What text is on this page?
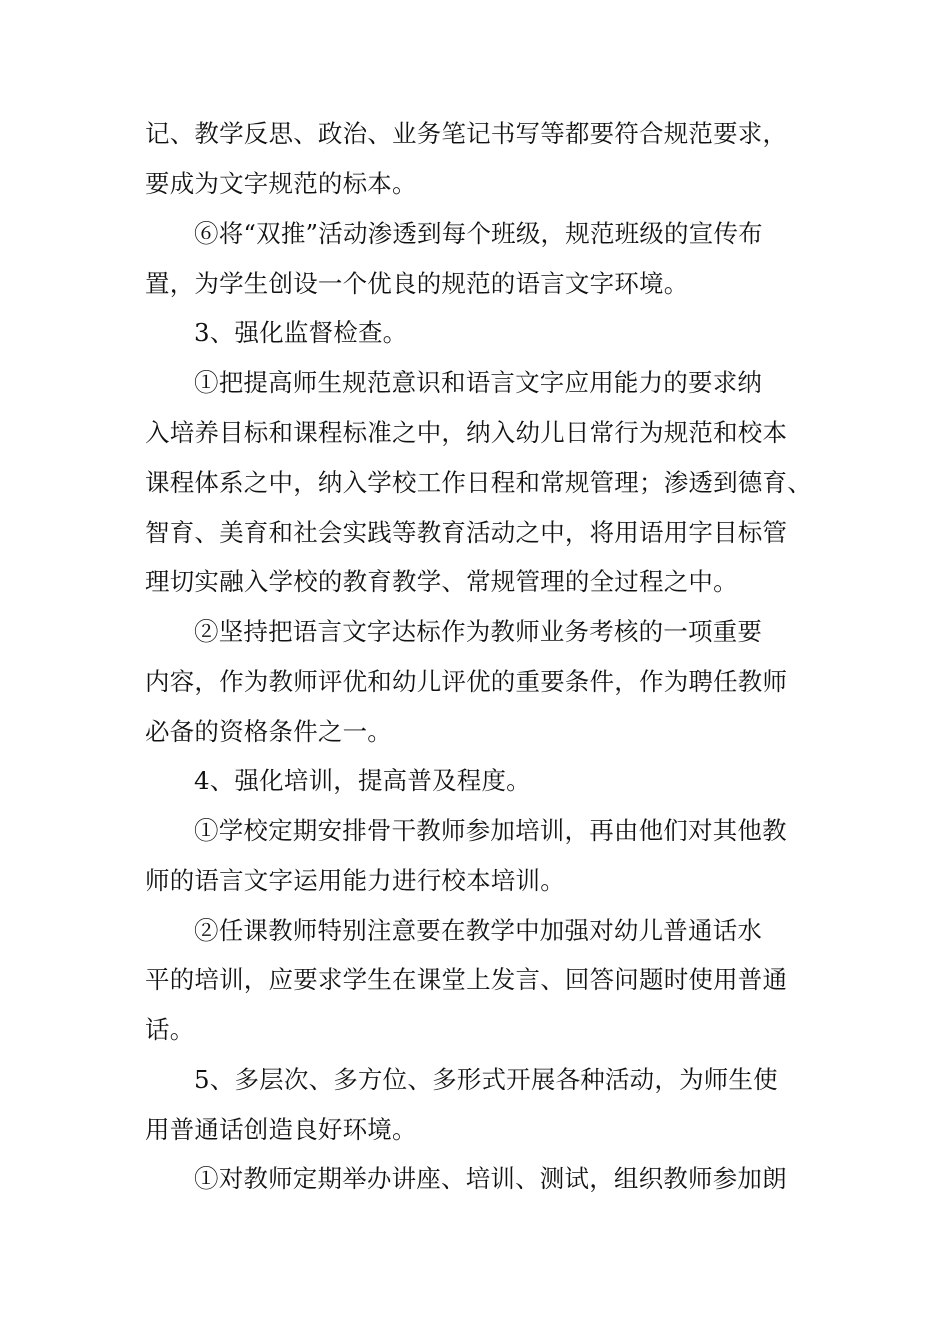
记、教学反思、政治、业务笔记书写等都要符合规范要求，

要成为文字规范的标本。

⑥将“双推”活动渗透到每个班级，规范班级的宣传布

置，为学生创设一个优良的规范的语言文字环境。

3、强化监督检查。

①把提高师生规范意识和语言文字应用能力的要求纳

入培养目标和课程标准之中，纳入幼儿日常行为规范和校本

课程体系之中，纳入学校工作日程和常规管理；渗透到德育、

智育、美育和社会实践等教育活动之中，将用语用字目标管

理切实融入学校的教育教学、常规管理的全过程之中。

②坚持把语言文字达标作为教师业务考核的一项重要

内容，作为教师评优和幼儿评优的重要条件，作为聘任教师

必备的资格条件之一。

4、强化培训，提高普及程度。

①学校定期安排骨干教师参加培训，再由他们对其他教

师的语言文字运用能力进行校本培训。

②任课教师特别注意要在教学中加强对幼儿普通话水

平的培训，应要求学生在课堂上发言、回答问题时使用普通

话。

5、多层次、多方位、多形式开展各种活动，为师生使

用普通话创造良好环境。

①对教师定期举办讲座、培训、测试，组织教师参加朗
